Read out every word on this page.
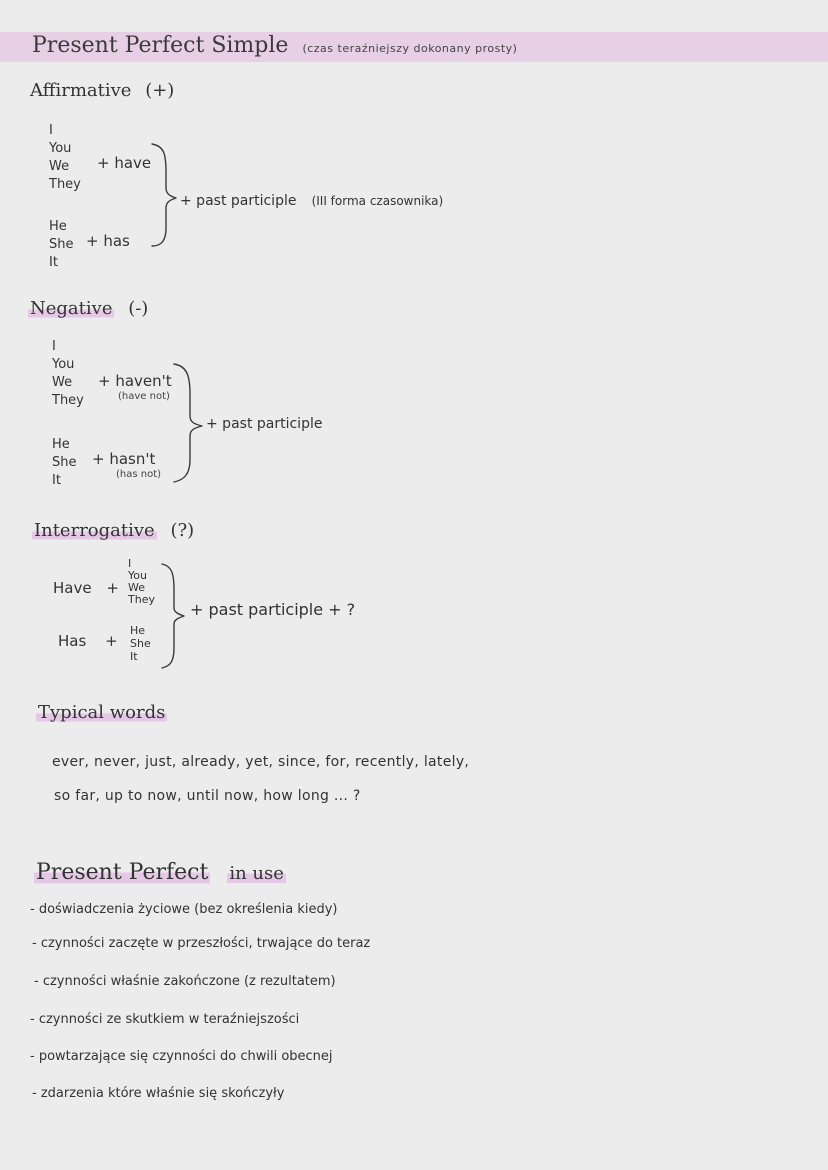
Present Perfect Simple (czas teraźniejszy dokonany prosty)
Affirmative (+)
I
You
We
They
+ have
He
She
It
+ has
+ past participle (III forma czasownika)
Negative (-)
I
You
We
They
+ haven't
(have not)
He
She
It
+ hasn't
(has not)
+ past participle
Interrogative (?)
Have +
I
You
We
They
Has +
He
She
It
+ past participle + ?
Typical words
ever, never, just, already, yet, since, for, recently, lately,
so far, up to now, until now, how long ... ?
Present Perfect in use
- doświadczenia życiowe (bez określenia kiedy)
- czynności zaczęte w przeszłości, trwające do teraz
- czynności właśnie zakończone (z rezultatem)
- czynności ze skutkiem w teraźniejszości
- powtarzające się czynności do chwili obecnej
- zdarzenia które właśnie się skończyły
